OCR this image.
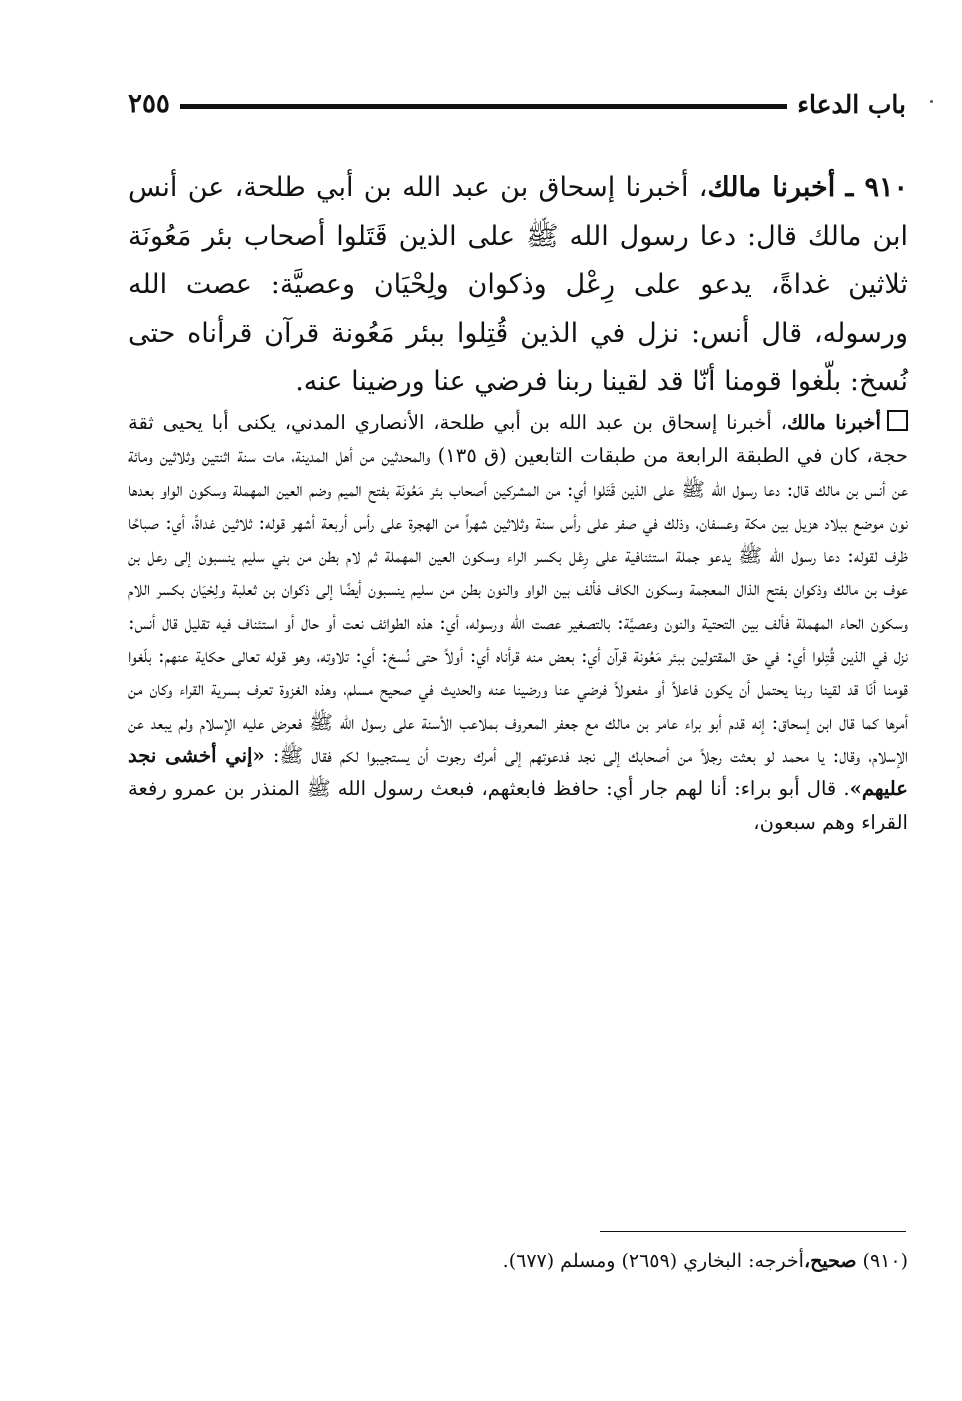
باب الدعاء
٢٥٥
٩١٠ ـ أخبرنا مالك، أخبرنا إسحاق بن عبد الله بن أبي طلحة، عن أنس ابن مالك قال: دعا رسول الله ﷺ على الذين قَتَلوا أصحاب بئر مَعُونَة ثلاثين غداةً، يدعو على رِعْل وذكوان ولِحْيَان وعصيَّة: عصت الله ورسوله، قال أنس: نزل في الذين قُتِلوا ببئر مَعُونة قرآن قرأناه حتى نُسخ: بلّغوا قومنا أنّا قد لقينا ربنا فرضي عنا ورضينا عنه.
أخبرنا مالك، أخبرنا إسحاق بن عبد الله بن أبي طلحة، الأنصاري المدني، يكنى أبا يحيى ثقة حجة، كان في الطبقة الرابعة من طبقات التابعين (ق ١٣٥) والمحدثين من أهل المدينة، مات سنة اثنتين وثلاثين ومائة عن أنس بن مالك قال: دعا رسول الله ﷺ على الذين قَتَلوا أي: من المشركين أصحاب بئر مَعُونَة بفتح الميم وضم العين المهملة وسكون الواو بعدها نون موضع ببلاد هزيل بين مكة وعسفان، وذلك في صفر على رأس سنة وثلاثين شهراً من الهجرة على رأس أربعة أشهر قوله: ثلاثين غداةً، أي: صباحًا ظرف لقوله: دعا رسول الله ﷺ يدعو جملة استئنافية على رِعْل بكسر الراء وسكون العين المهملة ثم لام بطن من بني سليم ينسبون إلى رعل بن عوف بن مالك وذكوان بفتح الذال المعجمة وسكون الكاف فألف بين الواو والنون بطن من سليم ينسبون أيضًا إلى ذكوان بن ثعلبة ولِحْيَان بكسر اللام وسكون الحاء المهملة فألف بين التحتية والنون وعصيَّة: بالتصغير عصت الله ورسوله، أي: هذه الطوائف نعت أو حال أو استئناف فيه تقليل قال أنس: نزل في الذين قُتِلوا أي: في حق المقتولين ببئر مَعُونة قرآن أي: بعض منه قرأناه أي: أولاً حتى نُسخ: أي: تلاوته، وهو قوله تعالى حكاية عنهم: بلّغوا قومنا أنّا قد لقينا ربنا يحتمل أن يكون فاعلاً أو مفعولاً فرضي عنا ورضينا عنه والحديث في صحيح مسلم، وهذه الغزوة تعرف بسرية القراء وكان من أمرها كما قال ابن إسحاق: إنه قدم أبو براء عامر بن مالك مع جعفر المعروف بملاعب الأسنة على رسول الله ﷺ فعرض عليه الإسلام ولم يبعد عن الإسلام، وقال: يا محمد لو بعثت رجلاً من أصحابك إلى نجد فدعوتهم إلى أمرك رجوت أن يستجيبوا لكم فقال ﷺ: «إني أخشى نجد عليهم». قال أبو براء: أنا لهم جار أي: حافظ فابعثهم، فبعث رسول الله ﷺ المنذر بن عمرو رفعة القراء وهم سبعون،
(٩١٠) صحيح،أخرجه: البخاري (٢٦٥٩) ومسلم (٦٧٧).
